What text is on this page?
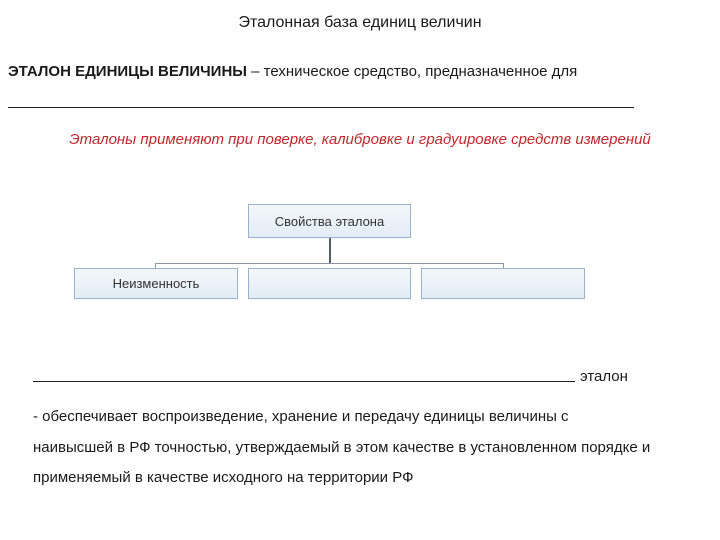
Эталонная база единиц величин
ЭТАЛОН ЕДИНИЦЫ ВЕЛИЧИНЫ – техническое средство, предназначенное для
Эталоны применяют при поверке, калибровке и градуировке средств измерений
Свойства эталона
Неизменность
эталон
- обеспечивает воспроизведение, хранение и передачу единицы величины с
наивысшей в РФ точностью, утверждаемый в этом качестве в установленном порядке и
применяемый в качестве исходного на территории РФ
